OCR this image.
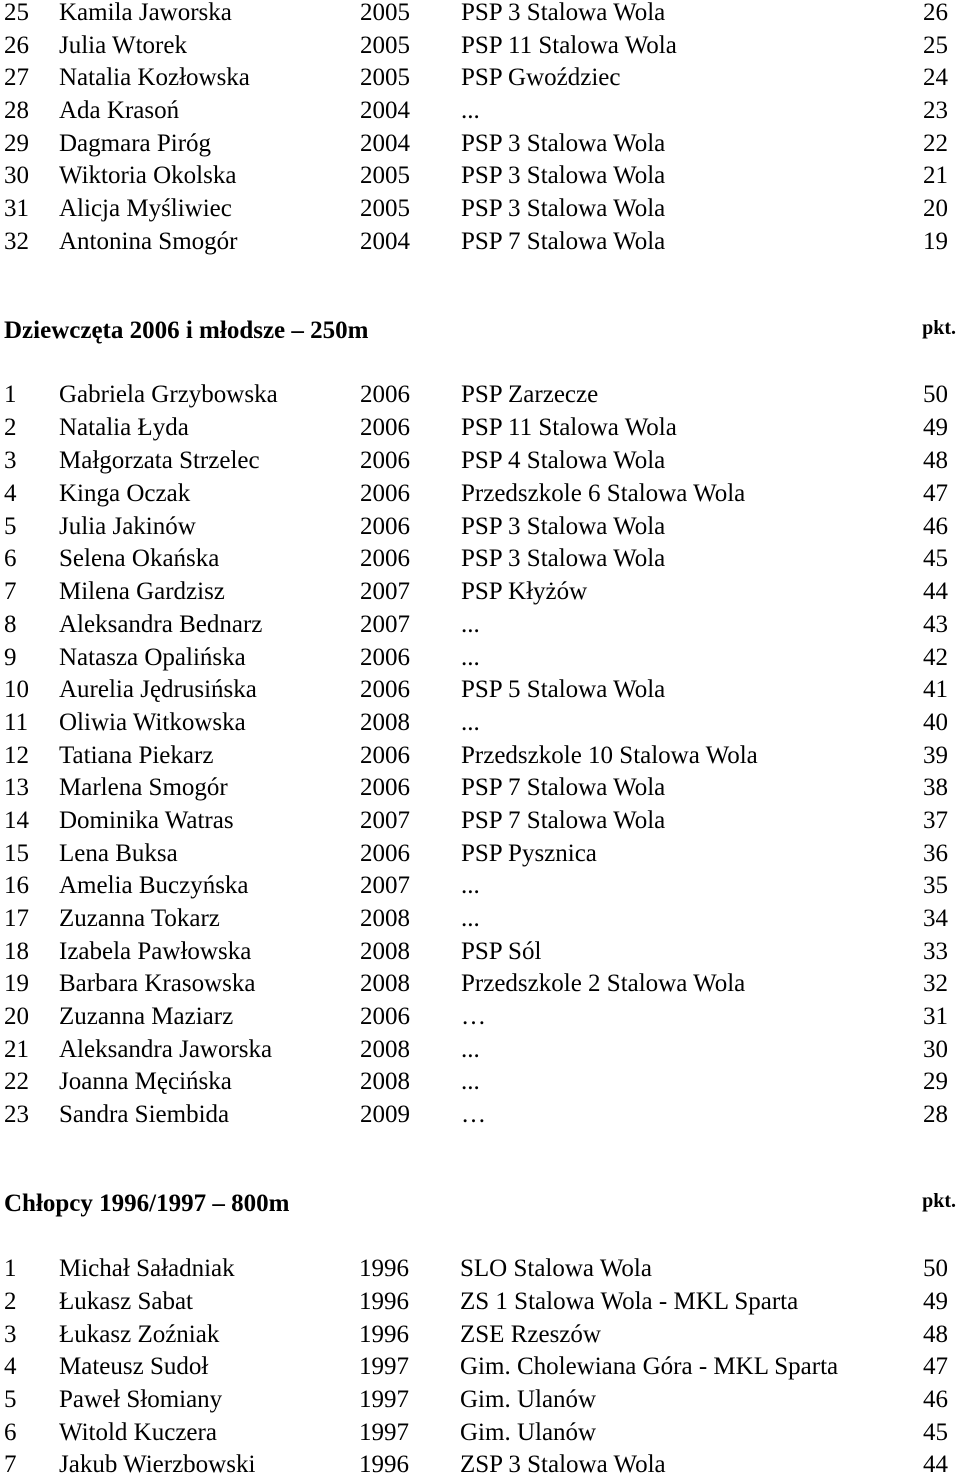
25 Kamila Jaworska	2005 PSP 3 Stalowa Wola	26
26 Julia Wtorek	2005 PSP 11 Stalowa Wola	25
27 Natalia Kozłowska	2005 PSP Gwoździec	24
28 Ada Krasoń	2004 ...	23
29 Dagmara Piróg	2004 PSP 3 Stalowa Wola	22
30 Wiktoria Okolska	2005 PSP 3 Stalowa Wola	21
31 Alicja Myśliwiec	2005 PSP 3 Stalowa Wola	20
32 Antonina Smogór	2004 PSP 7 Stalowa Wola	19
Dziewczęta 2006 i młodsze – 250m	pkt.
1 Gabriela Grzybowska	2006 PSP Zarzecze	50
2 Natalia Łyda	2006 PSP 11 Stalowa Wola	49
3 Małgorzata Strzelec	2006 PSP 4 Stalowa Wola	48
4 Kinga Oczak	2006 Przedszkole 6 Stalowa Wola	47
5 Julia Jakinów	2006 PSP 3 Stalowa Wola	46
6 Selena Okańska	2006 PSP 3 Stalowa Wola	45
7 Milena Gardzisz	2007 PSP Kłyżów	44
8 Aleksandra Bednarz	2007 ...	43
9 Natasza Opalińska	2006 ...	42
10 Aurelia Jędrusińska	2006 PSP 5 Stalowa Wola	41
11 Oliwia Witkowska	2008 ...	40
12 Tatiana Piekarz	2006 Przedszkole 10 Stalowa Wola	39
13 Marlena Smogór	2006 PSP 7 Stalowa Wola	38
14 Dominika Watras	2007 PSP 7 Stalowa Wola	37
15 Lena Buksa	2006 PSP Pysznica	36
16 Amelia Buczyńska	2007 ...	35
17 Zuzanna Tokarz	2008 ...	34
18 Izabela Pawłowska	2008 PSP Sól	33
19 Barbara Krasowska	2008 Przedszkole 2 Stalowa Wola	32
20 Zuzanna Maziarz	2006 …	31
21 Aleksandra Jaworska	2008 ...	30
22 Joanna Męcińska	2008 ...	29
23 Sandra Siembida	2009 …	28
Chłopcy 1996/1997 – 800m	pkt.
1 Michał Saładniak	1996 SLO Stalowa Wola	50
2 Łukasz Sabat	1996 ZS 1 Stalowa Wola - MKL Sparta	49
3 Łukasz Zoźniak	1996 ZSE Rzeszów	48
4 Mateusz Sudoł	1997 Gim. Cholewiana Góra - MKL Sparta	47
5 Paweł Słomiany	1997 Gim. Ulanów	46
6 Witold Kuczera	1997 Gim. Ulanów	45
7 Jakub Wierzbowski	1996 ZSP 3 Stalowa Wola	44
